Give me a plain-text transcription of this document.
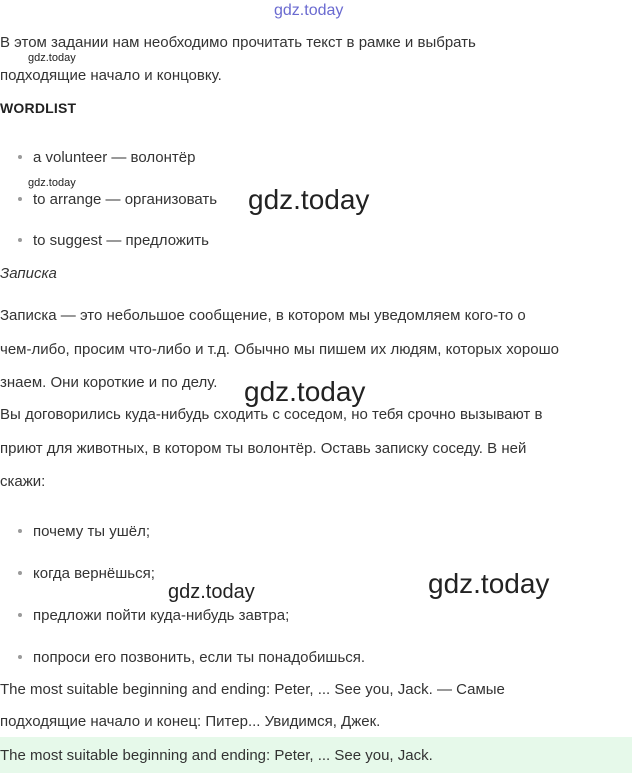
gdz.today
gdz.today
gdz.today
gdz.today
gdz.today
gdz.today	gdz.today
В этом задании нам необходимо прочитать текст в рамке и выбрать
подходящие начало и концовку.
WORDLIST
a volunteer — волонтёр
to arrange — организовать
to suggest — предложить
Записка
Записка — это небольшое сообщение, в котором мы уведомляем кого-то о
чем-либо, просим что-либо и т.д. Обычно мы пишем их людям, которых хорошо
знаем. Они короткие и по делу.
Вы договорились куда-нибудь сходить с соседом, но тебя срочно вызывают в
приют для животных, в котором ты волонтёр. Оставь записку соседу. В ней
скажи:
почему ты ушёл;
когда вернёшься;
предложи пойти куда-нибудь завтра;
попроси его позвонить, если ты понадобишься.
The most suitable beginning and ending: Peter, ... See you, Jack. — Самые
подходящие начало и конец: Питер... Увидимся, Джек.
The most suitable beginning and ending: Peter, ... See you, Jack.
